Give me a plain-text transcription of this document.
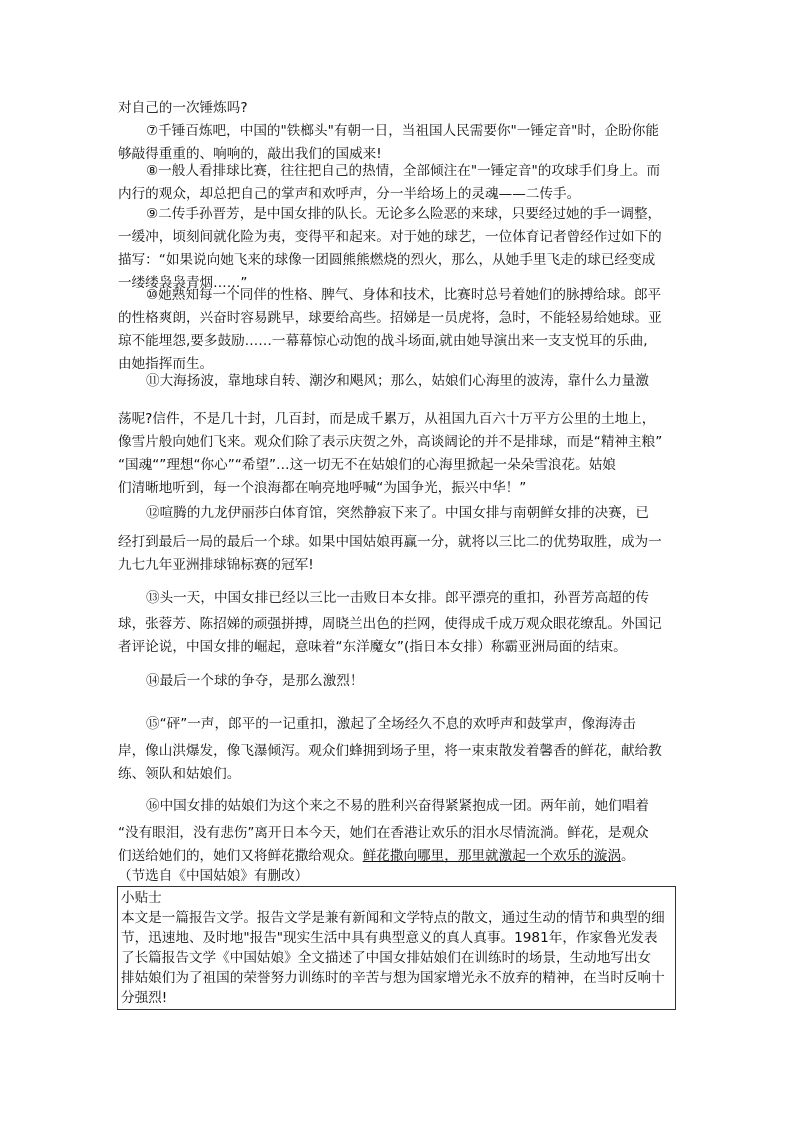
对自己的一次锤炼吗?
⑦千锤百炼吧，中国的"铁榔头"有朝一日，当祖国人民需要你"一锤定音"时，企盼你能
够敲得重重的、响响的，敲出我们的国威来!
⑧一般人看排球比赛，往往把自己的热情，全部倾注在"一锤定音"的攻球手们身上。而
内行的观众，却总把自己的掌声和欢呼声，分一半给场上的灵魂——二传手。
⑨二传手孙晋芳，是中国女排的队长。无论多么险恶的来球，只要经过她的手一调整，
一缓冲，顷刻间就化险为夷，变得平和起来。对于她的球艺，一位体育记者曾经作过如下的
描写：“如果说向她飞来的球像一团圆熊熊燃烧的烈火，那么，从她手里飞走的球已经变成
一缕缕袅袅青烟……”
⑩她熟知每一个同伴的性格、脾气、身体和技术，比赛时总号着她们的脉搏给球。郎平
的性格爽朗，兴奋时容易跳早，球要给高些。招娣是一员虎将，急时，不能轻易给她球。亚
琼不能埋怨,要多鼓励……一幕幕惊心动饱的战斗场面,就由她导演出来一支支悦耳的乐曲,
由她指挥而生。
⑪大海扬波，靠地球自转、潮汐和飓风；那么，姑娘们心海里的波涛，靠什么力量激
荡呢?信件，不是几十封，几百封，而是成千累万，从祖国九百六十万平方公里的土地上，
像雪片般向她们飞来。观众们除了表示庆贺之外，高谈阔论的并不是排球，而是“精神主粮”
“国魂“”理想“你心”“希望”…这一切无不在姑娘们的心海里掀起一朵朵雪浪花。姑娘
们清晰地听到，每一个浪海都在响亮地呼喊“为国争光，振兴中华！”
⑫喧腾的九龙伊丽莎白体育馆，突然静寂下来了。中国女排与南朝鲜女排的决赛，已
经打到最后一局的最后一个球。如果中国姑娘再赢一分，就将以三比二的优势取胜，成为一
九七九年亚洲排球锦标赛的冠军!
⑬头一天，中国女排已经以三比一击败日本女排。郎平漂亮的重扣，孙晋芳高超的传
球，张蓉芳、陈招娣的顽强拼搏，周晓兰出色的拦网，使得成千成万观众眼花缭乱。外国记
者评论说，中国女排的崛起，意味着“东洋魔女”(指日本女排）称霸亚洲局面的结束。
⑭最后一个球的争夺，是那么激烈！
⑮“砰”一声，郎平的一记重扣，激起了全场经久不息的欢呼声和鼓掌声，像海涛击
岸，像山洪爆发，像飞瀑倾泻。观众们蜂拥到场子里，将一束束散发着馨香的鲜花，献给教
练、领队和姑娘们。
⑯中国女排的姑娘们为这个来之不易的胜利兴奋得紧紧抱成一团。两年前，她们唱着
“没有眼泪，没有悲伤”离开日本今天，她们在香港让欢乐的泪水尽情流淌。鲜花，是观众
们送给她们的，她们又将鲜花撒给观众。鲜花撒向哪里，那里就激起一个欢乐的漩涡。
（节选自《中国姑娘》有删改）

小贴士

本文是一篇报告文学。报告文学是兼有新闻和文学特点的散文，通过生动的情节和典型的细

节，迅速地、及时地"报告"现实生活中具有典型意义的真人真事。1981年，作家鲁光发表

了长篇报告文学《中国姑娘》全文描述了中国女排姑娘们在训练时的场景，生动地写出女

排姑娘们为了祖国的荣誉努力训练时的辛苦与想为国家增光永不放弃的精神，在当时反响十

分强烈!
